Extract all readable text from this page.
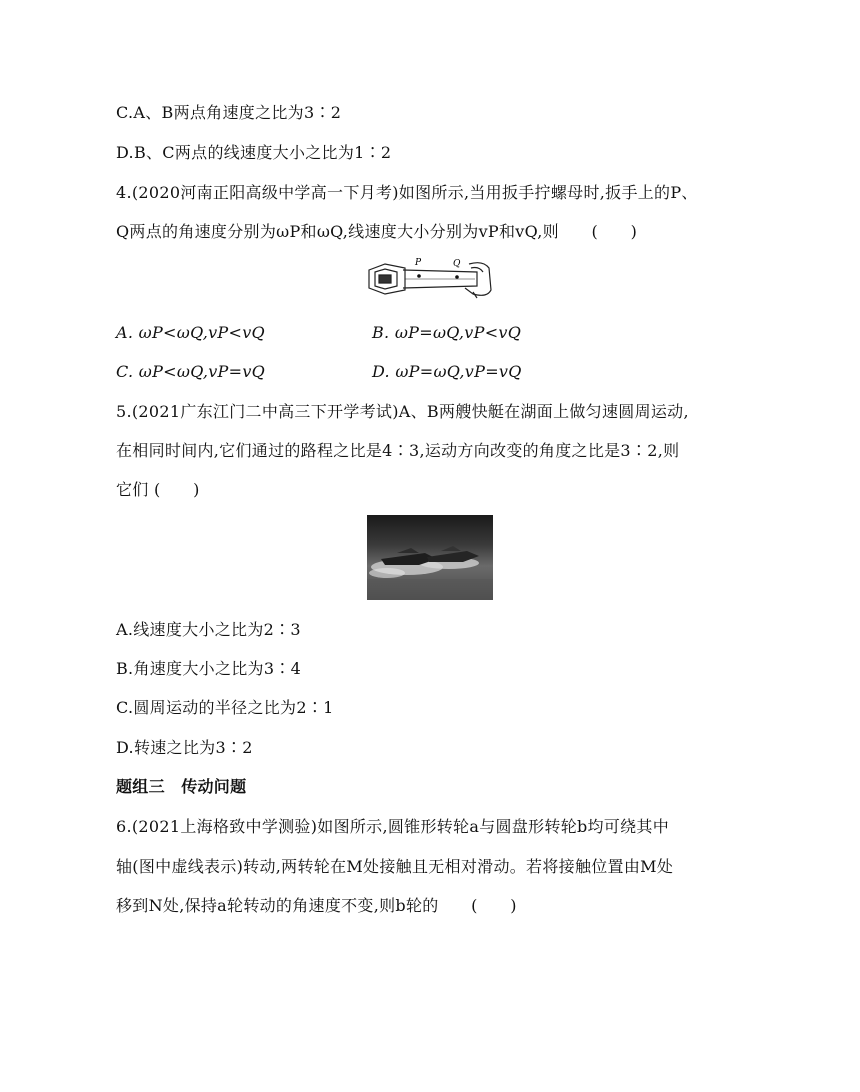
C.A、B两点角速度之比为3∶2
D.B、C两点的线速度大小之比为1∶2
4.(2020河南正阳高级中学高一下月考)如图所示,当用扳手拧螺母时,扳手上的P、
Q两点的角速度分别为ωP和ωQ,线速度大小分别为vP和vQ,则　　(　　)
P	Q
A. ωP<ωQ,vP<vQ	B. ωP=ωQ,vP<vQ
C. ωP<ωQ,vP=vQ	D. ωP=ωQ,vP=vQ
5.(2021广东江门二中高三下开学考试)A、B两艘快艇在湖面上做匀速圆周运动,
在相同时间内,它们通过的路程之比是4∶3,运动方向改变的角度之比是3∶2,则
它们 (　　)
A.线速度大小之比为2∶3
B.角速度大小之比为3∶4
C.圆周运动的半径之比为2∶1
D.转速之比为3∶2
题组三　传动问题
6.(2021上海格致中学测验)如图所示,圆锥形转轮a与圆盘形转轮b均可绕其中
轴(图中虚线表示)转动,两转轮在M处接触且无相对滑动。若将接触位置由M处
移到N处,保持a轮转动的角速度不变,则b轮的　　(　　)
